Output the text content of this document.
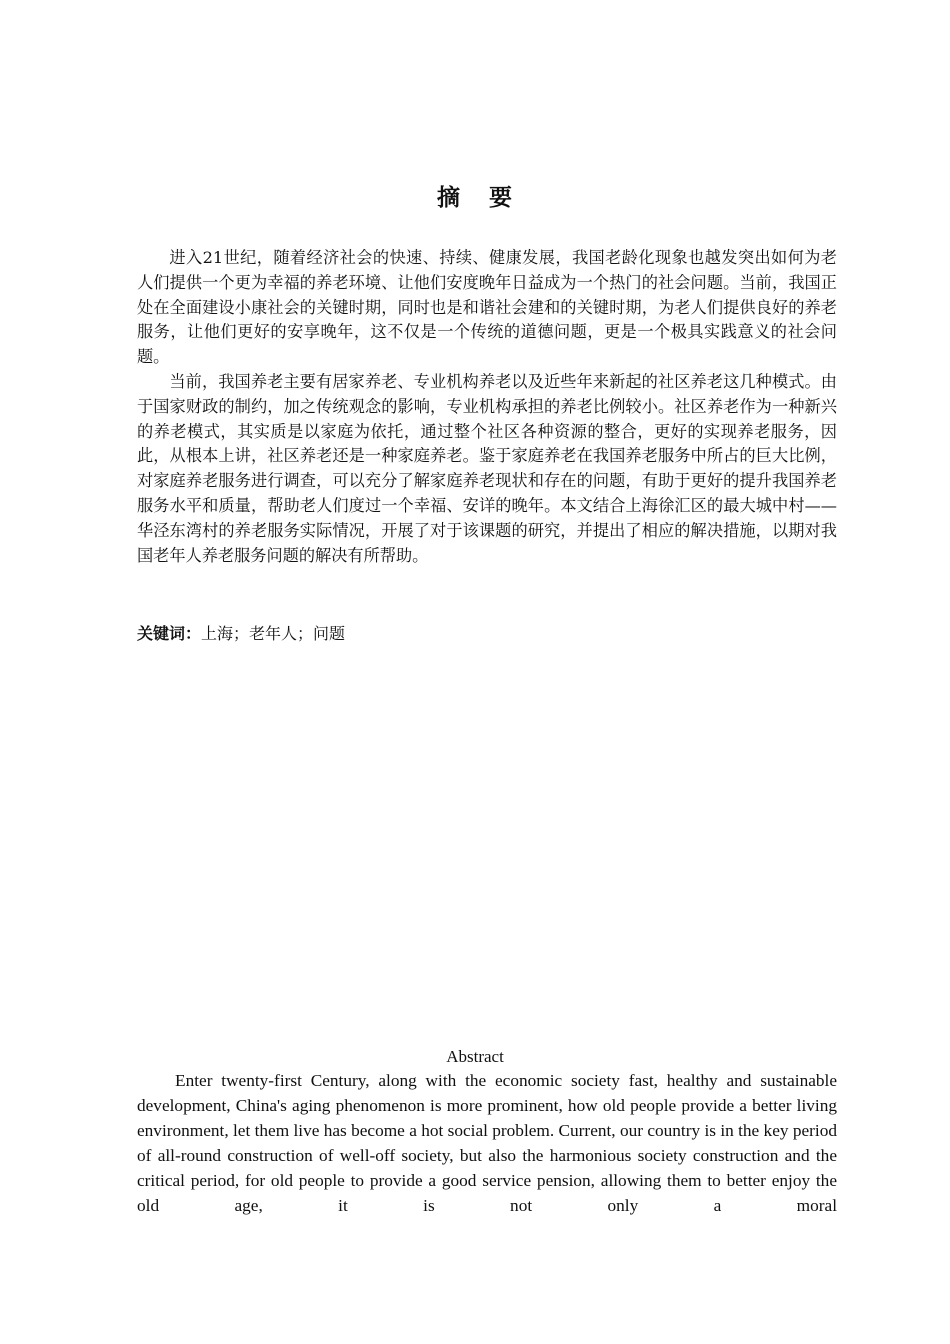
摘 要

进入21世纪，随着经济社会的快速、持续、健康发展，我国老龄化现象也越发突出如何为老人们提供一个更为幸福的养老环境、让他们安度晚年日益成为一个热门的社会问题。当前，我国正处在全面建设小康社会的关键时期，同时也是和谐社会建和的关键时期，为老人们提供良好的养老服务，让他们更好的安享晚年，这不仅是一个传统的道德问题，更是一个极具实践意义的社会问题。

当前，我国养老主要有居家养老、专业机构养老以及近些年来新起的社区养老这几种模式。由于国家财政的制约，加之传统观念的影响，专业机构承担的养老比例较小。社区养老作为一种新兴的养老模式，其实质是以家庭为依托，通过整个社区各种资源的整合，更好的实现养老服务，因此，从根本上讲，社区养老还是一种家庭养老。鉴于家庭养老在我国养老服务中所占的巨大比例，对家庭养老服务进行调查，可以充分了解家庭养老现状和存在的问题，有助于更好的提升我国养老服务水平和质量，帮助老人们度过一个幸福、安详的晚年。本文结合上海徐汇区的最大城中村——华泾东湾村的养老服务实际情况，开展了对于该课题的研究，并提出了相应的解决措施，以期对我国老年人养老服务问题的解决有所帮助。

关键词：上海；老年人；问题
Abstract

Enter twenty-first Century, along with the economic society fast, healthy and sustainable development, China's aging phenomenon is more prominent, how old people provide a better living environment, let them live has become a hot social problem. Current, our country is in the key period of all-round construction of well-off society, but also the harmonious society construction and the critical period, for old people to provide a good service pension, allowing them to better enjoy the old age, it is not only a moral
